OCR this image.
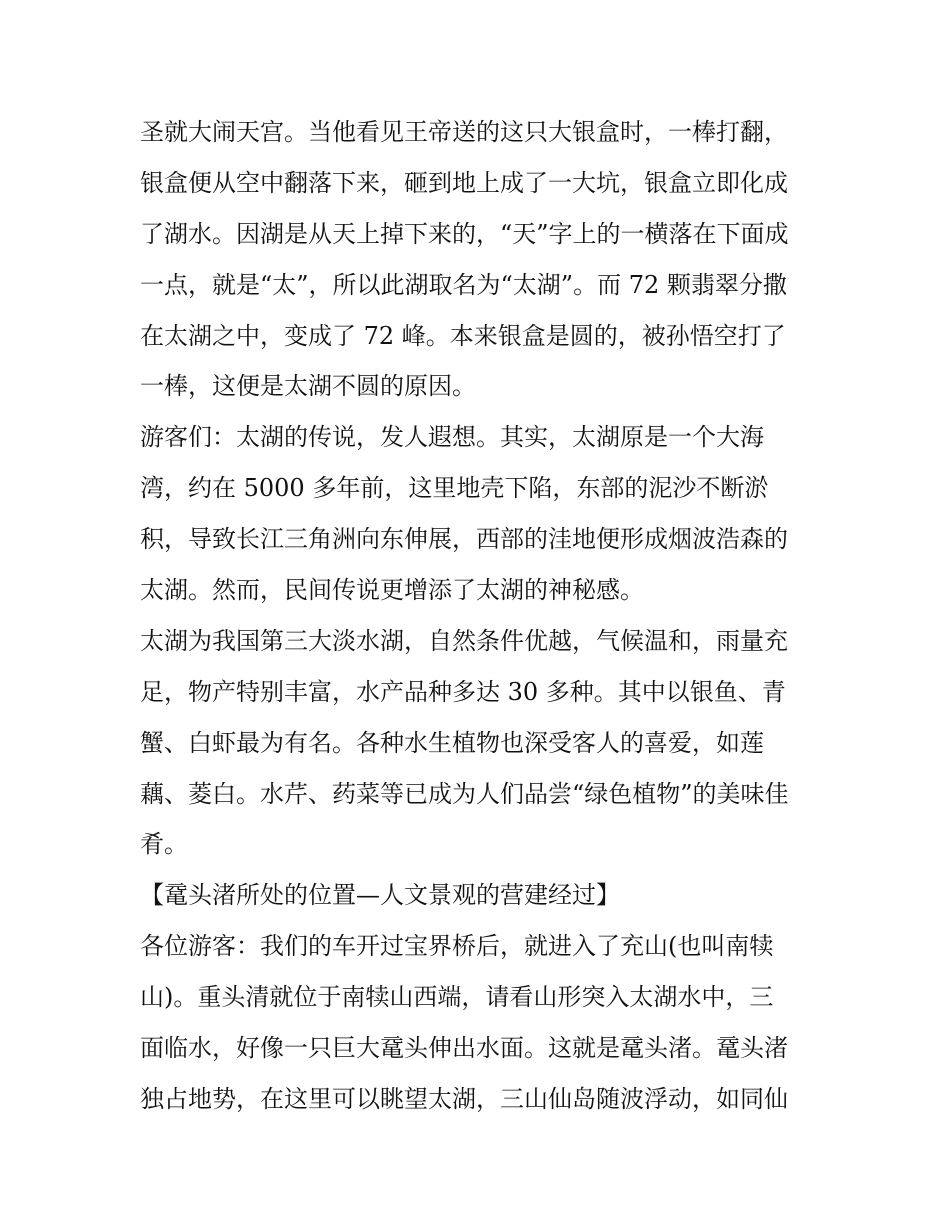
圣就大闹天宫。当他看见王帝送的这只大银盒时，一棒打翻，
银盒便从空中翻落下来，砸到地上成了一大坑，银盒立即化成
了湖水。因湖是从天上掉下来的，“天”字上的一横落在下面成
一点，就是“太”，所以此湖取名为“太湖”。而 72 颗翡翠分撒
在太湖之中，变成了 72 峰。本来银盒是圆的，被孙悟空打了
一棒，这便是太湖不圆的原因。
游客们：太湖的传说，发人遐想。其实，太湖原是一个大海
湾，约在 5000 多年前，这里地壳下陷，东部的泥沙不断淤
积，导致长江三角洲向东伸展，西部的洼地便形成烟波浩森的
太湖。然而，民间传说更增添了太湖的神秘感。
太湖为我国第三大淡水湖，自然条件优越，气候温和，雨量充
足，物产特别丰富，水产品种多达 30 多种。其中以银鱼、青
蟹、白虾最为有名。各种水生植物也深受客人的喜爱，如莲
藕、菱白。水芹、药菜等已成为人们品尝“绿色植物”的美味佳
肴。
【鼋头渚所处的位置—人文景观的营建经过】
各位游客：我们的车开过宝界桥后，就进入了充山(也叫南犊
山)。重头清就位于南犊山西端，请看山形突入太湖水中，三
面临水，好像一只巨大鼋头伸出水面。这就是鼋头渚。鼋头渚
独占地势，在这里可以眺望太湖，三山仙岛随波浮动，如同仙
